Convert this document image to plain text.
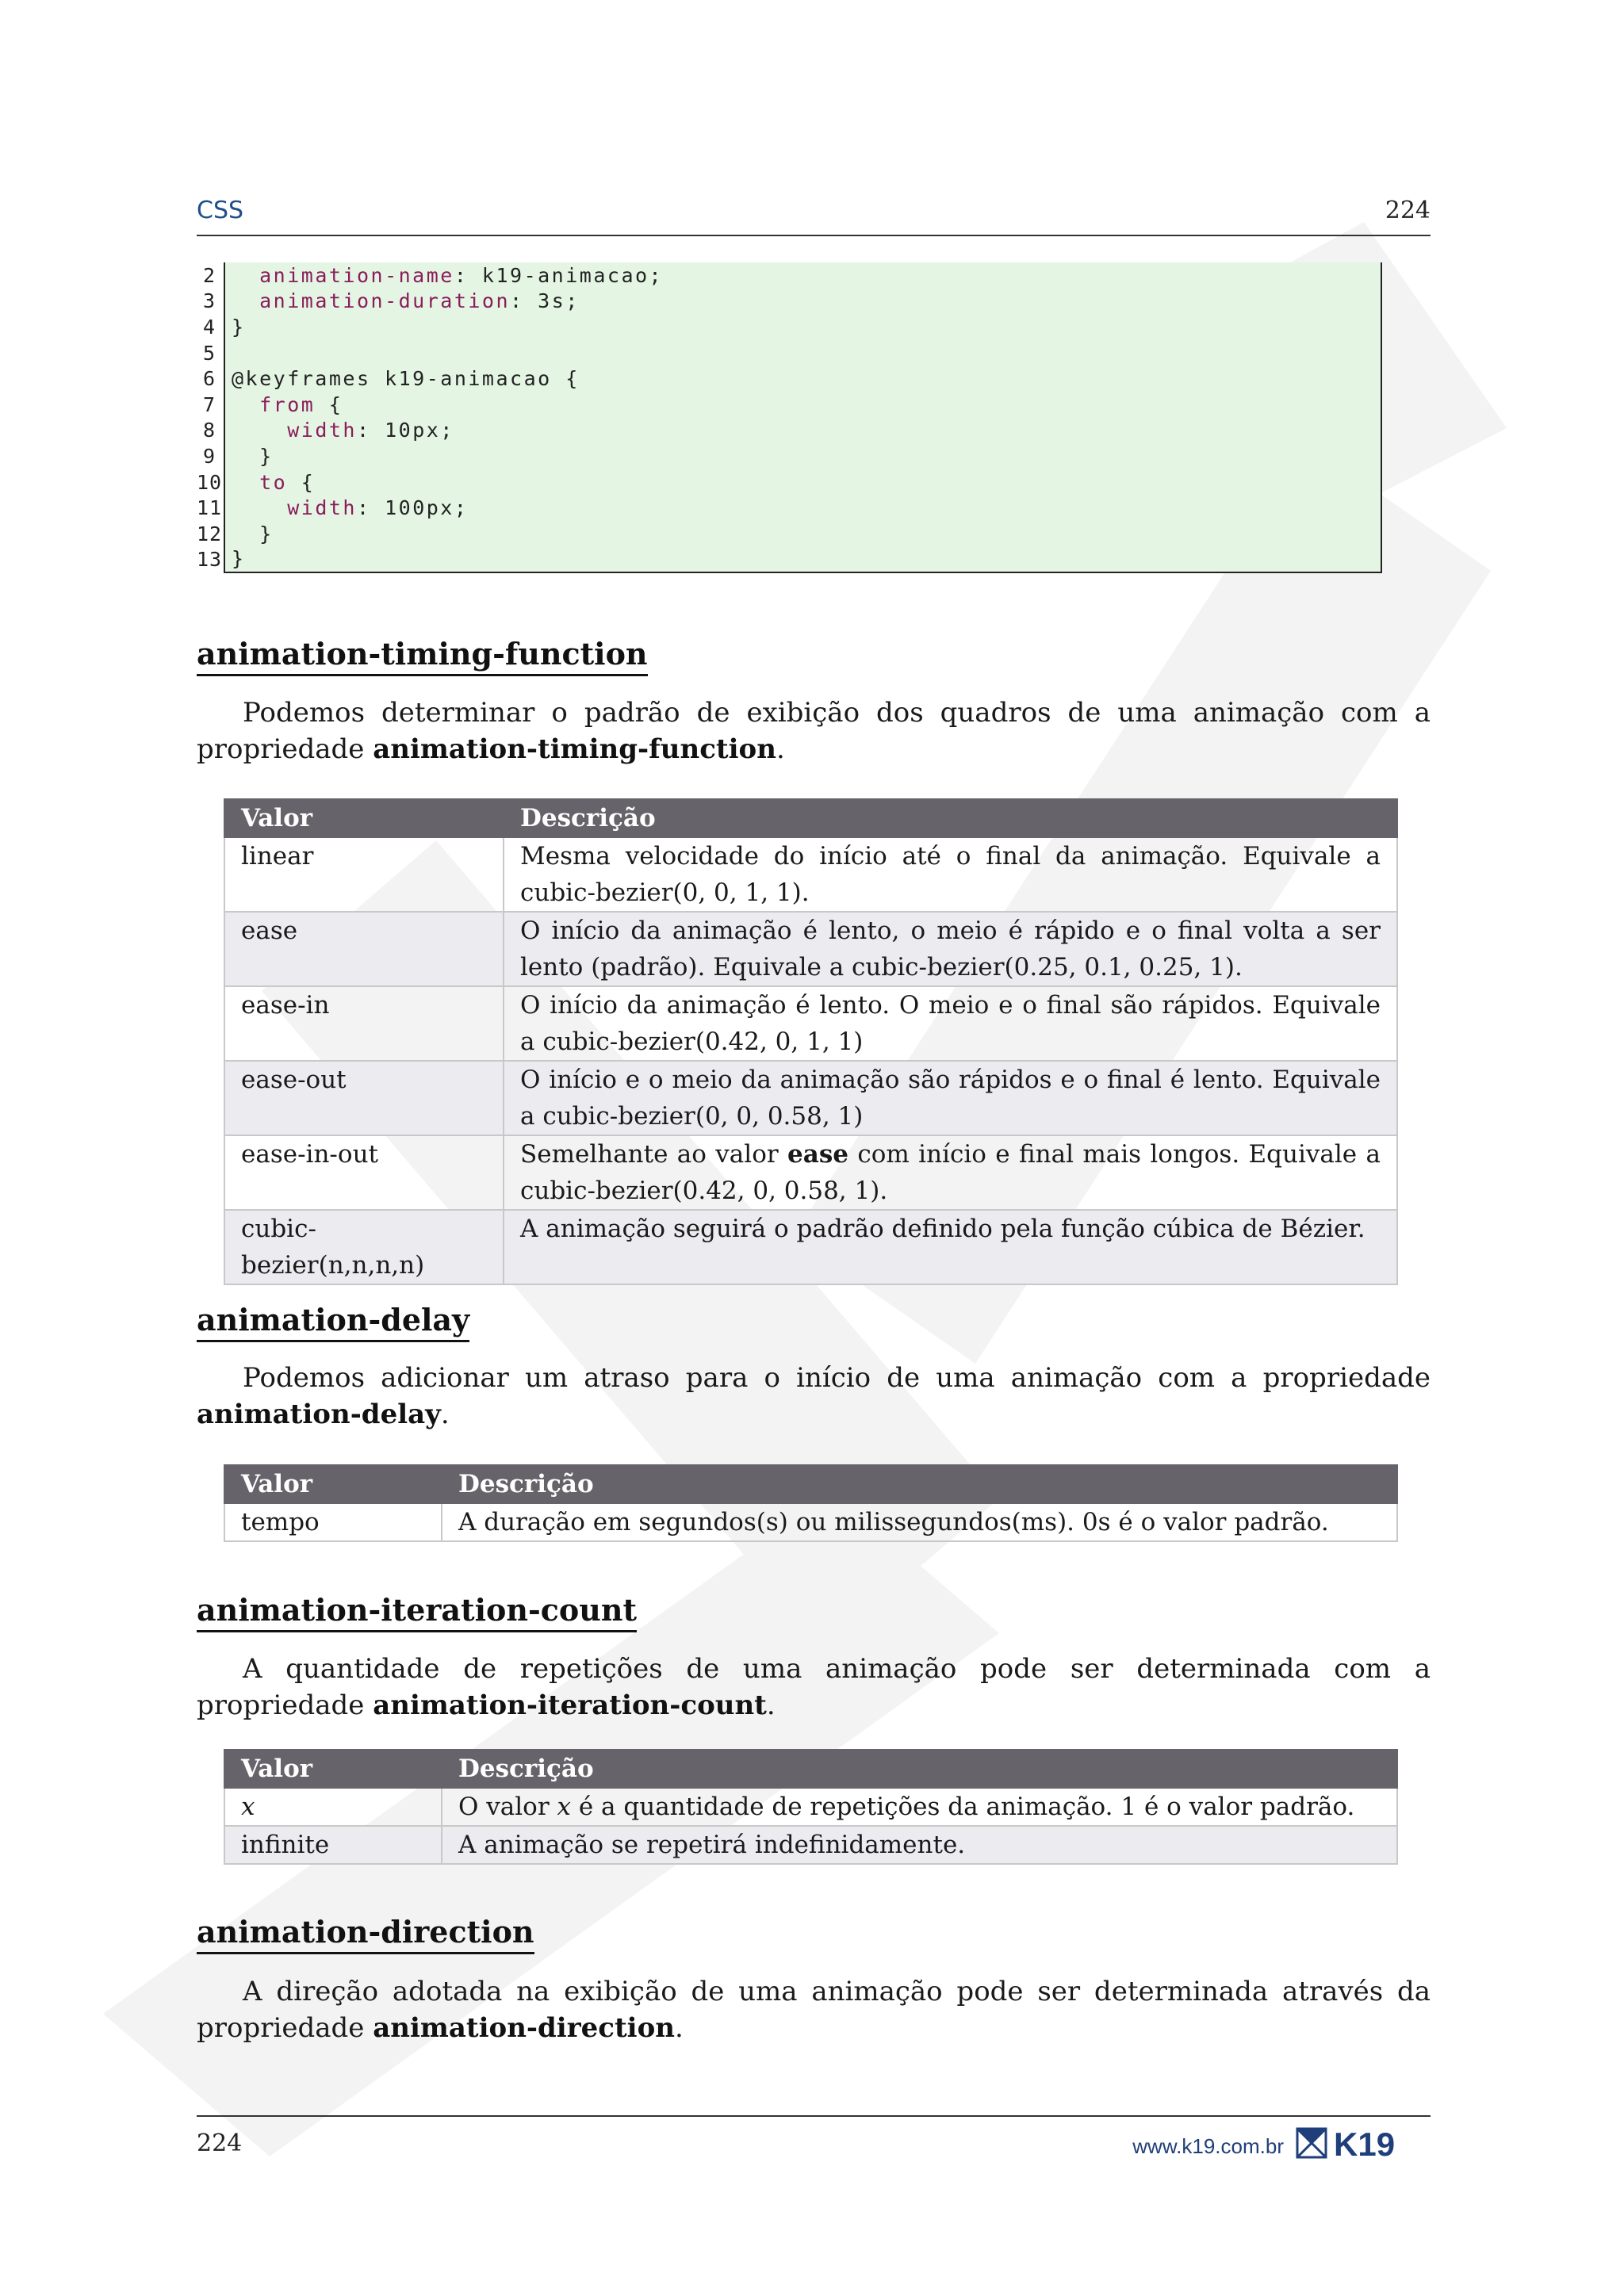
CSS	224
2
	animation-name : k19-animacao;
3
	animation-duration : 3s;
4 }
5
6 @keyframes k19-animacao {
7
	from {
8
	width : 10px;
9 }
10
to {
11
	width : 100px;
12 }
13 }
animation-timing-function

Podemos determinar o padrão de exibição dos quadros de uma animação com a propriedade animation-timing-function.

Valor	Descrição
linear	Mesma velocidade do início até o final da animação. Equivale a cubic-bezier(0, 0, 1, 1).
ease	O início da animação é lento, o meio é rápido e o final volta a ser lento (padrão). Equivale a cubic-bezier(0.25, 0.1, 0.25, 1).
ease-in	O início da animação é lento. O meio e o final são rápidos. Equivale a cubic-bezier(0.42, 0, 1, 1)
ease-out	O início e o meio da animação são rápidos e o final é lento. Equivale a cubic-bezier(0, 0, 0.58, 1)
ease-in-out	Semelhante ao valor ease com início e final mais longos. Equivale a cubic-bezier(0.42, 0, 0.58, 1).
cubic-bezier(n,n,n,n)	A animação seguirá o padrão definido pela função cúbica de Bézier.
animation-delay

Podemos adicionar um atraso para o início de uma animação com a propriedade animation-delay.

Valor	Descrição
tempo	A duração em segundos(s) ou milissegundos(ms). 0s é o valor padrão.
animation-iteration-count

A quantidade de repetições de uma animação pode ser determinada com a propriedade animation-iteration-count.

Valor	Descrição
x	O valor x é a quantidade de repetições da animação. 1 é o valor padrão.
infinite	A animação se repetirá indefinidamente.
animation-direction

A direção adotada na exibição de uma animação pode ser determinada através da propriedade animation-direction.

224	www.k19.com.br K19
